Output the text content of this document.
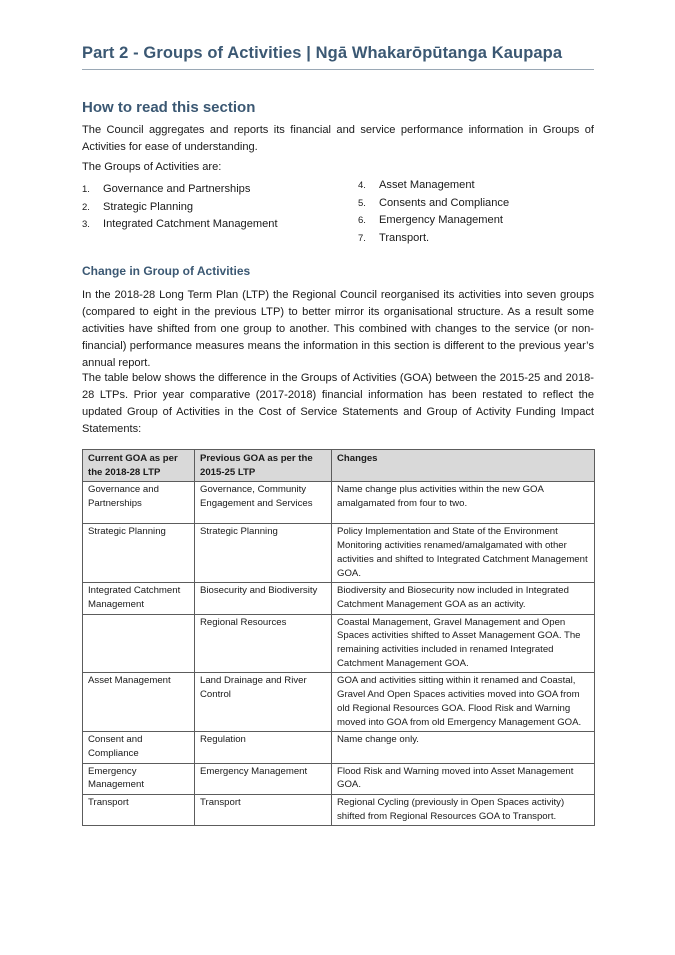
Part 2 - Groups of Activities | Ngā Whakarōpūtanga Kaupapa
How to read this section

The Council aggregates and reports its financial and service performance information in Groups of Activities for ease of understanding.

The Groups of Activities are:

1. Governance and Partnerships
2. Strategic Planning
3. Integrated Catchment Management
4. Asset Management
5. Consents and Compliance
6. Emergency Management
7. Transport.
Change in Group of Activities

In the 2018-28 Long Term Plan (LTP) the Regional Council reorganised its activities into seven groups (compared to eight in the previous LTP) to better mirror its organisational structure. As a result some activities have shifted from one group to another. This combined with changes to the service (or non-financial) performance measures means the information in this section is different to the previous year’s annual report.

The table below shows the difference in the Groups of Activities (GOA) between the 2015-25 and 2018-28 LTPs. Prior year comparative (2017-2018) financial information has been restated to reflect the updated Group of Activities in the Cost of Service Statements and Group of Activity Funding Impact Statements:

Current GOA as per the 2018-28 LTP	Previous GOA as per the 2015-25 LTP	Changes
Governance and Partnerships	Governance, Community Engagement and Services	Name change plus activities within the new GOA amalgamated from four to two.
Strategic Planning	Strategic Planning	Policy Implementation and State of the Environment Monitoring activities renamed/amalgamated with other activities and shifted to Integrated Catchment Management GOA.
Integrated Catchment Management	Biosecurity and Biodiversity	Biodiversity and Biosecurity now included in Integrated Catchment Management GOA as an activity.
	Regional Resources	Coastal Management, Gravel Management and Open Spaces activities shifted to Asset Management GOA. The remaining activities included in renamed Integrated Catchment Management GOA.
Asset Management	Land Drainage and River Control	GOA and activities sitting within it renamed and Coastal, Gravel And Open Spaces activities moved into GOA from old Regional Resources GOA. Flood Risk and Warning moved into GOA from old Emergency Management GOA.
Consent and Compliance	Regulation	Name change only.
Emergency Management	Emergency Management	Flood Risk and Warning moved into Asset Management GOA.
Transport	Transport	Regional Cycling (previously in Open Spaces activity) shifted from Regional Resources GOA to Transport.
